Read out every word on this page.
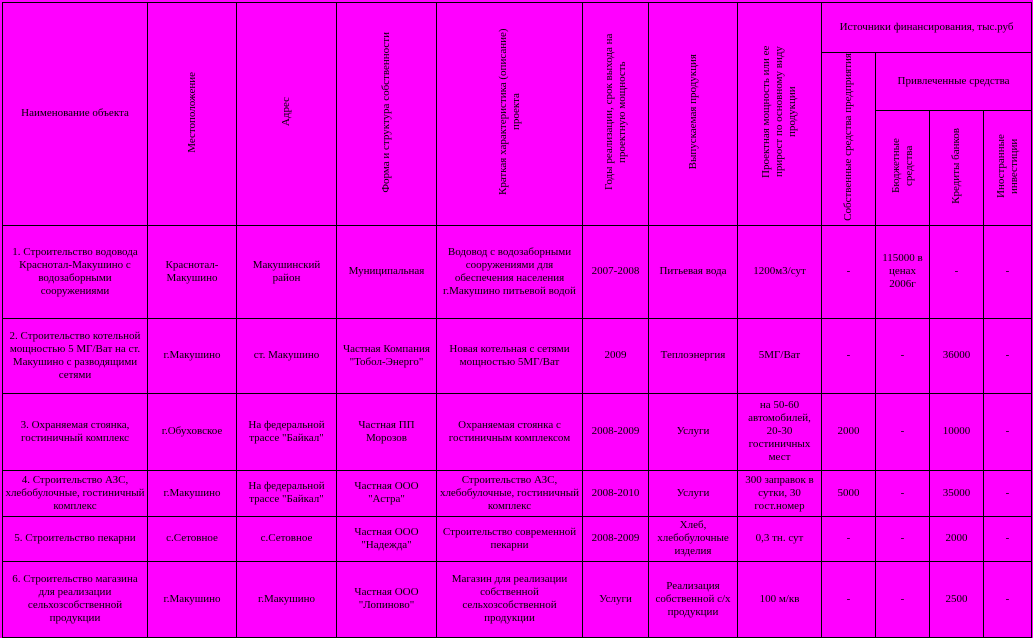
Наименование объекта	Местоположение	Адрес	Форма и структура собственности	Краткая характеристика (описание) проекта	Годы реализации, срок выхода на проектную мощность	Выпускаемая продукция	Проектная мощность или ее прирост по основному виду продукции	Источники финансирования, тыс.руб			
								Собственные средства предприятия	Привлеченные средства		
									Бюджетные средства	Кредиты банков	Иностранные инвестиции
1. Строительство водовода Краснотал-Макушино с водозаборными сооружениями	Краснотал-Макушино	Макушинский район	Муниципальная	Водовод с водозаборными сооружениями для обеспечения населения г.Макушино питьевой водой	2007-2008	Питьевая вода	1200м3/сут	-	115000 в ценах 2006г	-	-
2. Строительство котельной мощностью 5 МГ/Ват на ст. Макушино с разводящими сетями	г.Макушино	ст. Макушино	Частная Компания "Тобол-Энерго"	Новая котельная с сетями мощностью 5МГ/Ват	2009	Теплоэнергия	5МГ/Ват	-	-	36000	-
3. Охраняемая стоянка, гостиничный комплекс	г.Обуховское	На федеральной трассе "Байкал"	Частная ПП Морозов	Охраняемая стоянка с гостиничным комплексом	2008-2009	Услуги	на 50-60 автомобилей, 20-30 гостиничных мест	2000	-	10000	-
4. Строительство АЗС, хлебобулочные, гостиничный комплекс	г.Макушино	На федеральной трассе "Байкал"	Частная ООО "Астра"	Строительство АЗС, хлебобулочные, гостиничный комплекс	2008-2010	Услуги	300 заправок в сутки, 30 гост.номер	5000	-	35000	-
5. Строительство пекарни	с.Сетовное	с.Сетовное	Частная ООО "Надежда"	Строительство современной пекарни	2008-2009	Хлеб, хлебобулочные изделия	0,3 тн. сут	-	-	2000	-
6. Строительство магазина для реализации сельхозсобственной продукции	г.Макушино	г.Макушино	Частная ООО "Лопиново"	Магазин для реализации собственной сельхозсобственной продукции	Услуги	Реализация собственной с/х продукции	100 м/кв	-	-	2500	-
